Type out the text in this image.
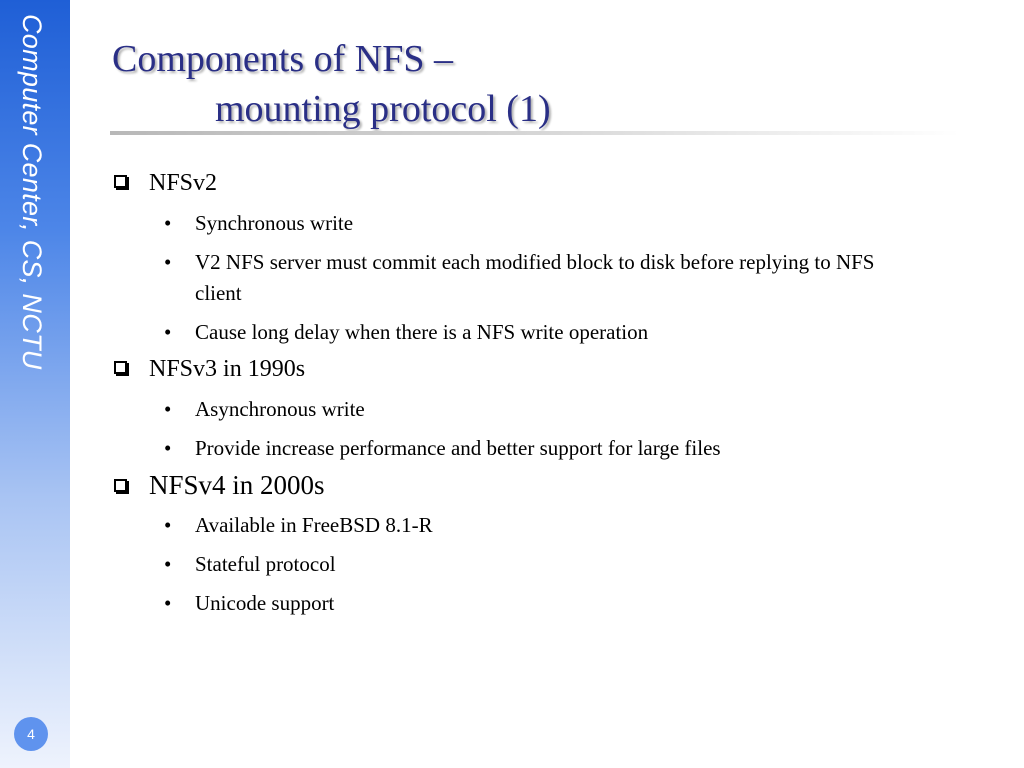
Computer Center, CS, NCTU
4
Components of NFS –
mounting protocol (1)
NFSv2
• Synchronous write
• V2 NFS server must commit each modified block to disk before replying to NFS client
• Cause long delay when there is a NFS write operation
NFSv3 in 1990s
• Asynchronous write
• Provide increase performance and better support for large files
NFSv4 in 2000s
• Available in FreeBSD 8.1-R
• Stateful protocol
• Unicode support
